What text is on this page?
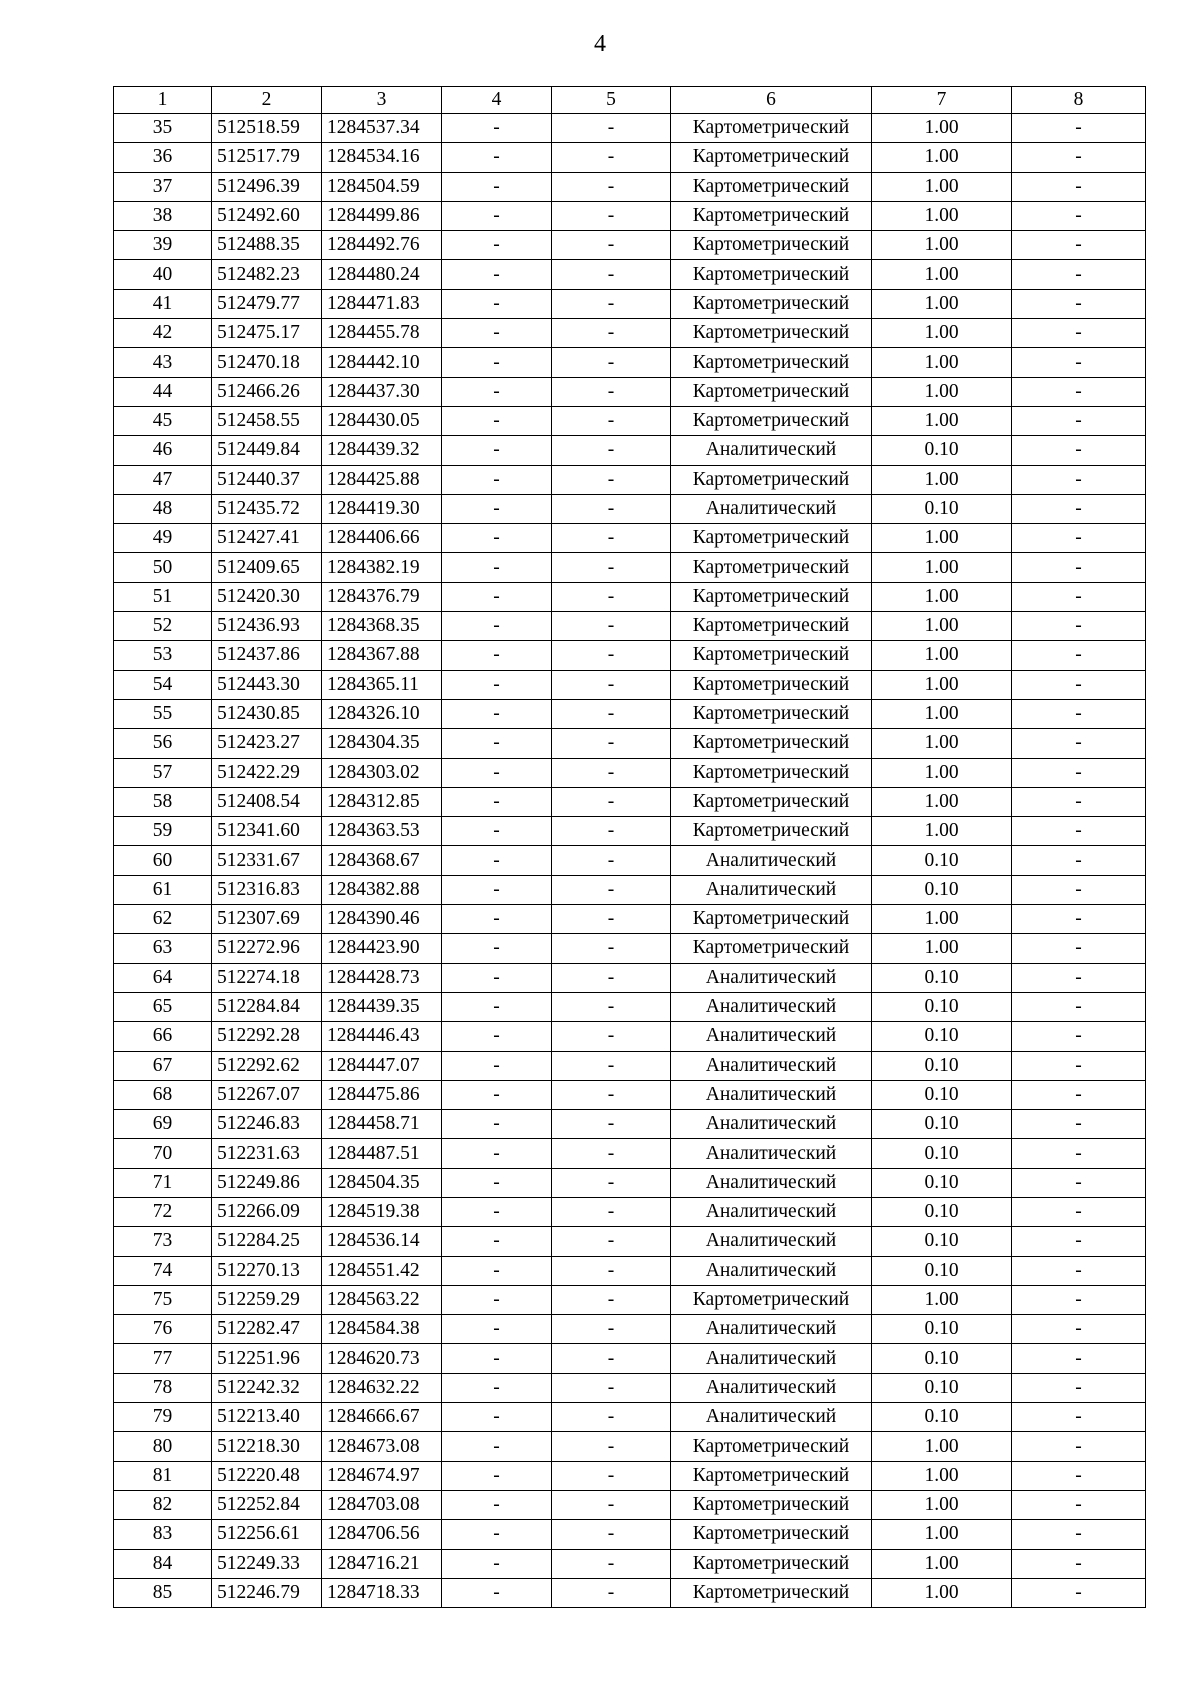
4
1	2	3	4	5	6	7	8
35	512518.59	1284537.34	-	-	Картометрический	1.00	-
36	512517.79	1284534.16	-	-	Картометрический	1.00	-
37	512496.39	1284504.59	-	-	Картометрический	1.00	-
38	512492.60	1284499.86	-	-	Картометрический	1.00	-
39	512488.35	1284492.76	-	-	Картометрический	1.00	-
40	512482.23	1284480.24	-	-	Картометрический	1.00	-
41	512479.77	1284471.83	-	-	Картометрический	1.00	-
42	512475.17	1284455.78	-	-	Картометрический	1.00	-
43	512470.18	1284442.10	-	-	Картометрический	1.00	-
44	512466.26	1284437.30	-	-	Картометрический	1.00	-
45	512458.55	1284430.05	-	-	Картометрический	1.00	-
46	512449.84	1284439.32	-	-	Аналитический	0.10	-
47	512440.37	1284425.88	-	-	Картометрический	1.00	-
48	512435.72	1284419.30	-	-	Аналитический	0.10	-
49	512427.41	1284406.66	-	-	Картометрический	1.00	-
50	512409.65	1284382.19	-	-	Картометрический	1.00	-
51	512420.30	1284376.79	-	-	Картометрический	1.00	-
52	512436.93	1284368.35	-	-	Картометрический	1.00	-
53	512437.86	1284367.88	-	-	Картометрический	1.00	-
54	512443.30	1284365.11	-	-	Картометрический	1.00	-
55	512430.85	1284326.10	-	-	Картометрический	1.00	-
56	512423.27	1284304.35	-	-	Картометрический	1.00	-
57	512422.29	1284303.02	-	-	Картометрический	1.00	-
58	512408.54	1284312.85	-	-	Картометрический	1.00	-
59	512341.60	1284363.53	-	-	Картометрический	1.00	-
60	512331.67	1284368.67	-	-	Аналитический	0.10	-
61	512316.83	1284382.88	-	-	Аналитический	0.10	-
62	512307.69	1284390.46	-	-	Картометрический	1.00	-
63	512272.96	1284423.90	-	-	Картометрический	1.00	-
64	512274.18	1284428.73	-	-	Аналитический	0.10	-
65	512284.84	1284439.35	-	-	Аналитический	0.10	-
66	512292.28	1284446.43	-	-	Аналитический	0.10	-
67	512292.62	1284447.07	-	-	Аналитический	0.10	-
68	512267.07	1284475.86	-	-	Аналитический	0.10	-
69	512246.83	1284458.71	-	-	Аналитический	0.10	-
70	512231.63	1284487.51	-	-	Аналитический	0.10	-
71	512249.86	1284504.35	-	-	Аналитический	0.10	-
72	512266.09	1284519.38	-	-	Аналитический	0.10	-
73	512284.25	1284536.14	-	-	Аналитический	0.10	-
74	512270.13	1284551.42	-	-	Аналитический	0.10	-
75	512259.29	1284563.22	-	-	Картометрический	1.00	-
76	512282.47	1284584.38	-	-	Аналитический	0.10	-
77	512251.96	1284620.73	-	-	Аналитический	0.10	-
78	512242.32	1284632.22	-	-	Аналитический	0.10	-
79	512213.40	1284666.67	-	-	Аналитический	0.10	-
80	512218.30	1284673.08	-	-	Картометрический	1.00	-
81	512220.48	1284674.97	-	-	Картометрический	1.00	-
82	512252.84	1284703.08	-	-	Картометрический	1.00	-
83	512256.61	1284706.56	-	-	Картометрический	1.00	-
84	512249.33	1284716.21	-	-	Картометрический	1.00	-
85	512246.79	1284718.33	-	-	Картометрический	1.00	-
